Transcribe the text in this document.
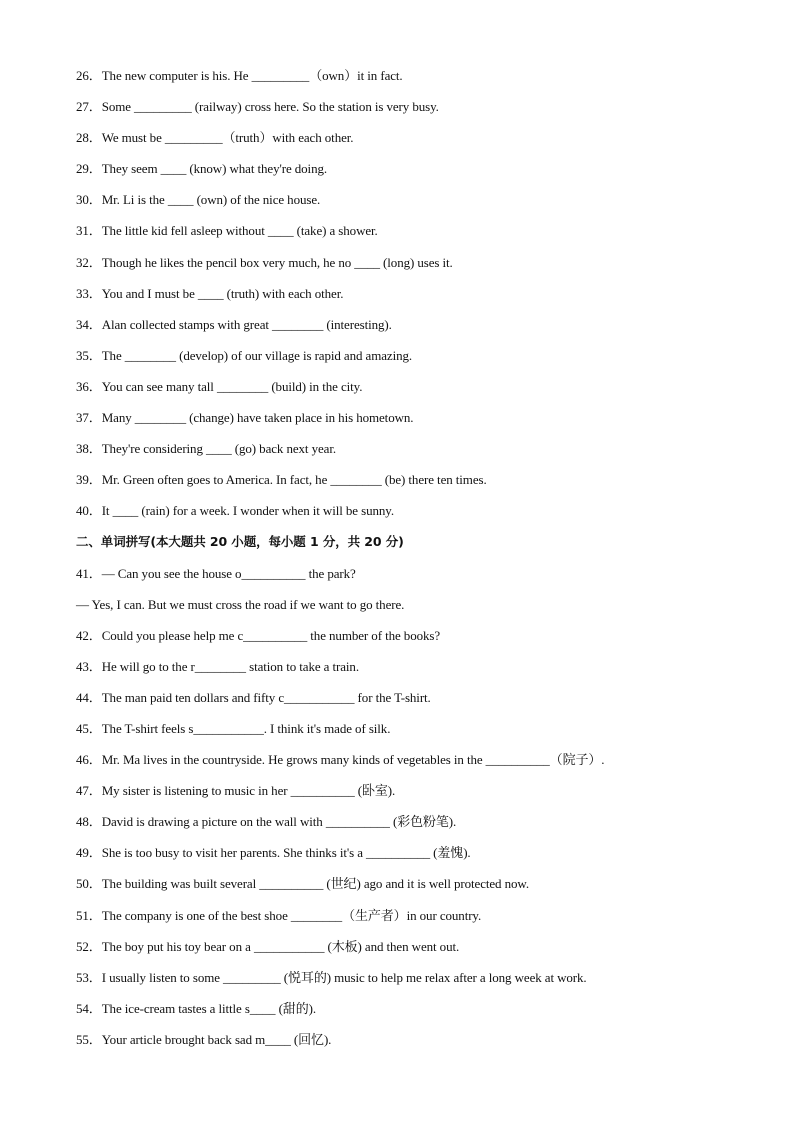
26．The new computer is his. He _________（own）it in fact.
27．Some _________ (railway) cross here. So the station is very busy.
28．We must be _________（truth）with each other.
29．They seem ____ (know) what they're doing.
30．Mr. Li is the ____ (own) of the nice house.
31．The little kid fell asleep without ____ (take) a shower.
32．Though he likes the pencil box very much, he no ____ (long) uses it.
33．You and I must be ____ (truth) with each other.
34．Alan collected stamps with great ________ (interesting).
35．The ________ (develop) of our village is rapid and amazing.
36．You can see many tall ________ (build) in the city.
37．Many ________ (change) have taken place in his hometown.
38．They're considering ____ (go) back next year.
39．Mr. Green often goes to America. In fact, he ________ (be) there ten times.
40．It ____ (rain) for a week. I wonder when it will be sunny.
二、单词拼写(本大题共 20 小题，每小题 1 分，共 20 分)
41．— Can you see the house o__________ the park?
— Yes, I can. But we must cross the road if we want to go there.
42．Could you please help me c__________ the number of the books?
43．He will go to the r________ station to take a train.
44．The man paid ten dollars and fifty c___________ for the T-shirt.
45．The T-shirt feels s___________. I think it's made of silk.
46．Mr. Ma lives in the countryside. He grows many kinds of vegetables in the __________（院子）.
47．My sister is listening to music in her __________ (卧室).
48．David is drawing a picture on the wall with __________ (彩色粉笔).
49．She is too busy to visit her parents. She thinks it's a __________ (羞愧).
50．The building was built several __________ (世纪) ago and it is well protected now.
51．The company is one of the best shoe ________（生产者）in our country.
52．The boy put his toy bear on a ___________ (木板) and then went out.
53．I usually listen to some _________ (悦耳的) music to help me relax after a long week at work.
54．The ice-cream tastes a little s____ (甜的).
55．Your article brought back sad m____ (回忆).
